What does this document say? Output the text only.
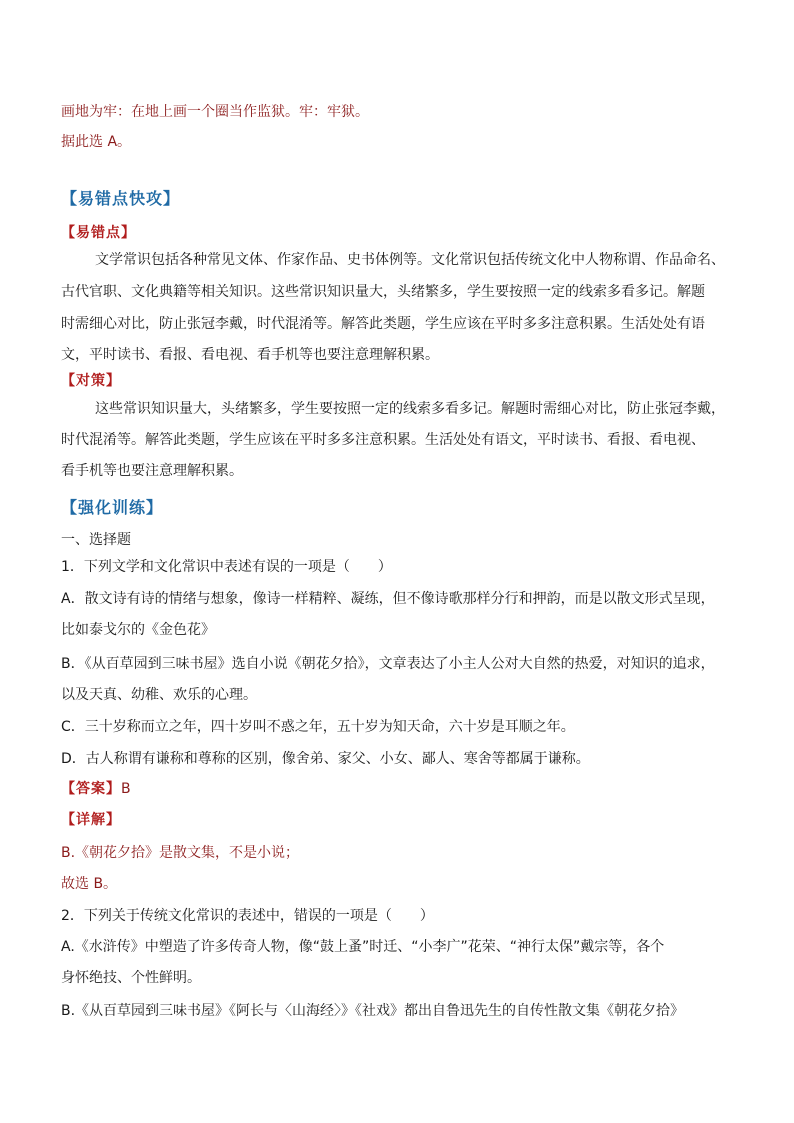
画地为牢：在地上画一个圈当作监狱。牢：牢狱。
据此选 A。
【易错点快攻】
【易错点】
文学常识包括各种常见文体、作家作品、史书体例等。文化常识包括传统文化中人物称谓、作品命名、
古代官职、文化典籍等相关知识。这些常识知识量大，头绪繁多，学生要按照一定的线索多看多记。解题
时需细心对比，防止张冠李戴，时代混淆等。解答此类题，学生应该在平时多多注意积累。生活处处有语
文，平时读书、看报、看电视、看手机等也要注意理解积累。
【对策】
这些常识知识量大，头绪繁多，学生要按照一定的线索多看多记。解题时需细心对比，防止张冠李戴，
时代混淆等。解答此类题，学生应该在平时多多注意积累。生活处处有语文，平时读书、看报、看电视、
看手机等也要注意理解积累。
【强化训练】
一、选择题
1．下列文学和文化常识中表述有误的一项是（　　）
A．散文诗有诗的情绪与想象，像诗一样精粹、凝练，但不像诗歌那样分行和押韵，而是以散文形式呈现，
比如泰戈尔的《金色花》
B．《从百草园到三味书屋》选自小说《朝花夕拾》，文章表达了小主人公对大自然的热爱，对知识的追求，
以及天真、幼稚、欢乐的心理。
C．三十岁称而立之年，四十岁叫不惑之年，五十岁为知天命，六十岁是耳顺之年。
D．古人称谓有谦称和尊称的区别，像舍弟、家父、小女、鄙人、寒舍等都属于谦称。
【答案】B
【详解】
B.《朝花夕拾》是散文集，不是小说；
故选 B。
2．下列关于传统文化常识的表述中，错误的一项是（　　）
A.《水浒传》中塑造了许多传奇人物，像“鼓上蚤”时迁、“小李广”花荣、“神行太保”戴宗等，各个
身怀绝技、个性鲜明。
B.《从百草园到三味书屋》《阿长与〈山海经〉》《社戏》都出自鲁迅先生的自传性散文集《朝花夕拾》
